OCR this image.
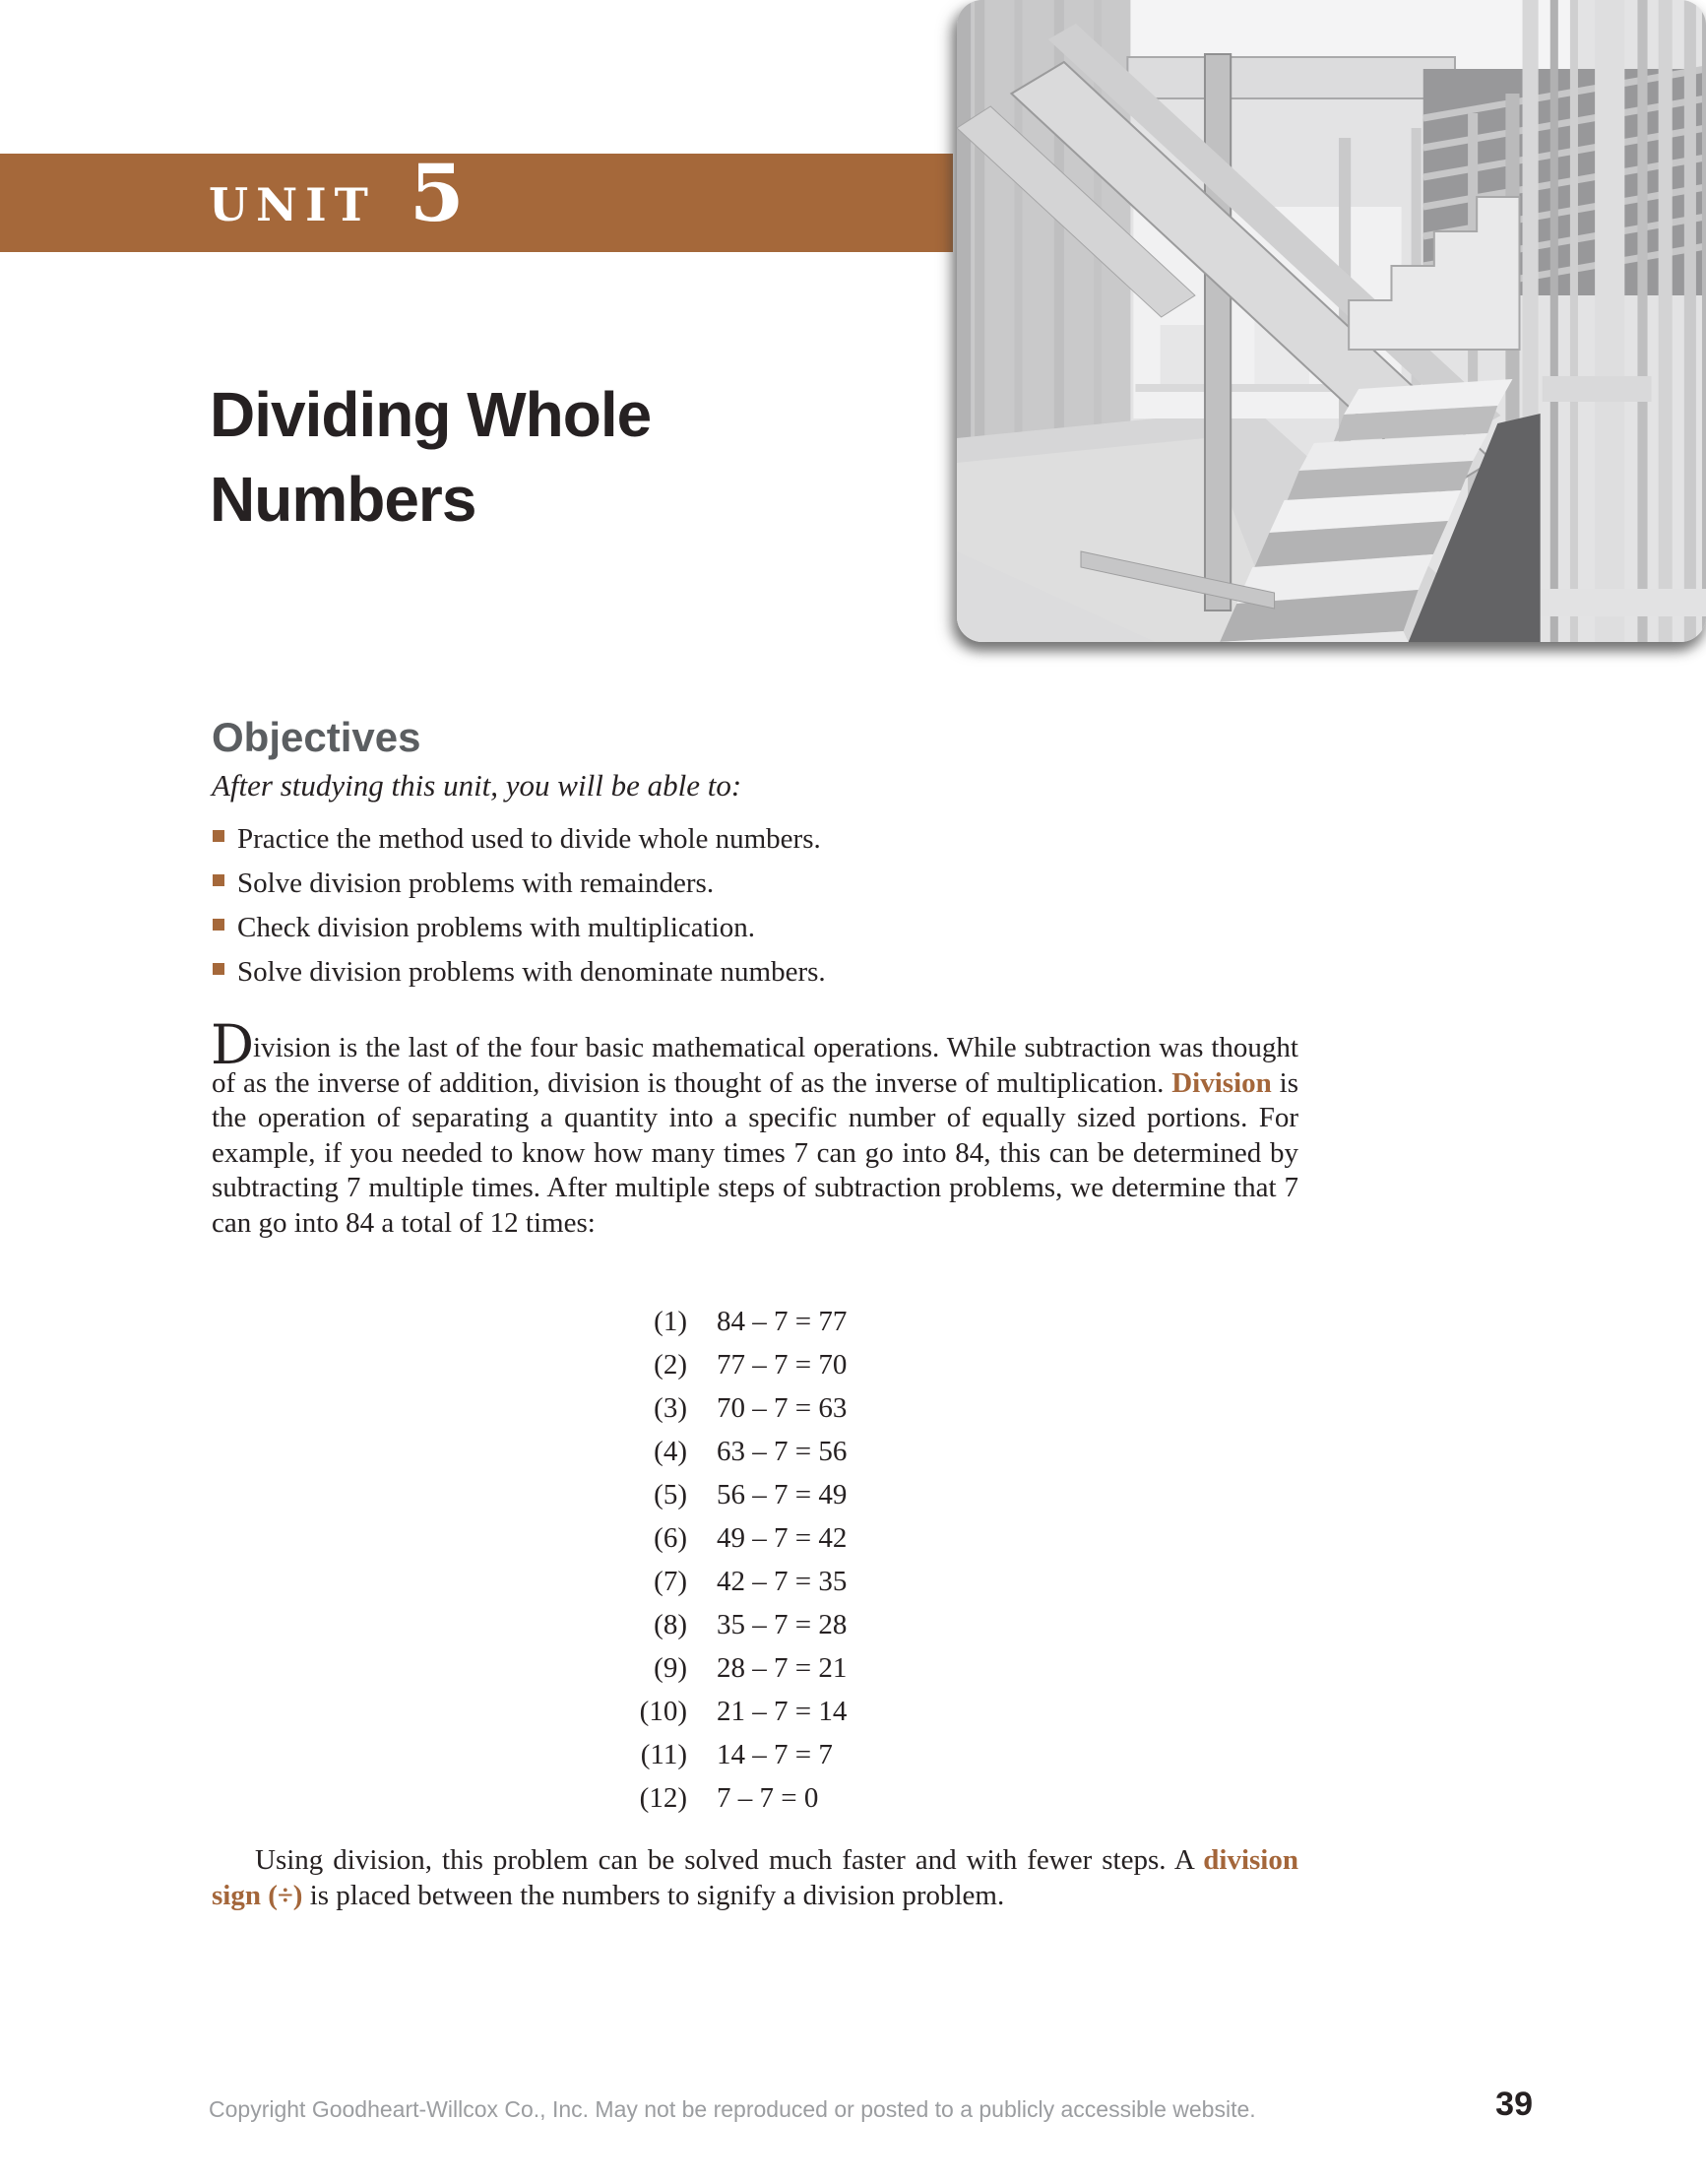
UNIT 5
Dividing Whole
Numbers
Objectives

After studying this unit, you will be able to:

Practice the method used to divide whole numbers.
Solve division problems with remainders.
Check division problems with multiplication.
Solve division problems with denominate numbers.
D
ivision is the last of the four basic mathematical operations. While subtraction was thought of as the inverse of addition, division is thought of as the inverse of multiplication. Division is the operation of separating a quantity into a specific number of equally sized portions. For example, if you needed to know how many times 7 can go into 84, this can be determined by subtracting 7 multiple times. After multiple steps of subtraction problems, we determine that 7 can go into 84 a total of 12 times:
(1) 84 – 7 = 77
(2) 77 – 7 = 70
(3) 70 – 7 = 63
(4) 63 – 7 = 56
(5) 56 – 7 = 49
(6) 49 – 7 = 42
(7) 42 – 7 = 35
(8) 35 – 7 = 28
(9) 28 – 7 = 21
(10) 21 – 7 = 14
(11) 14 – 7 = 7
(12) 7 – 7 = 0
Using division, this problem can be solved much faster and with fewer steps. A division sign (÷) is placed between the numbers to signify a division problem.
Copyright Goodheart-Willcox Co., Inc. May not be reproduced or posted to a publicly accessible website.	39
